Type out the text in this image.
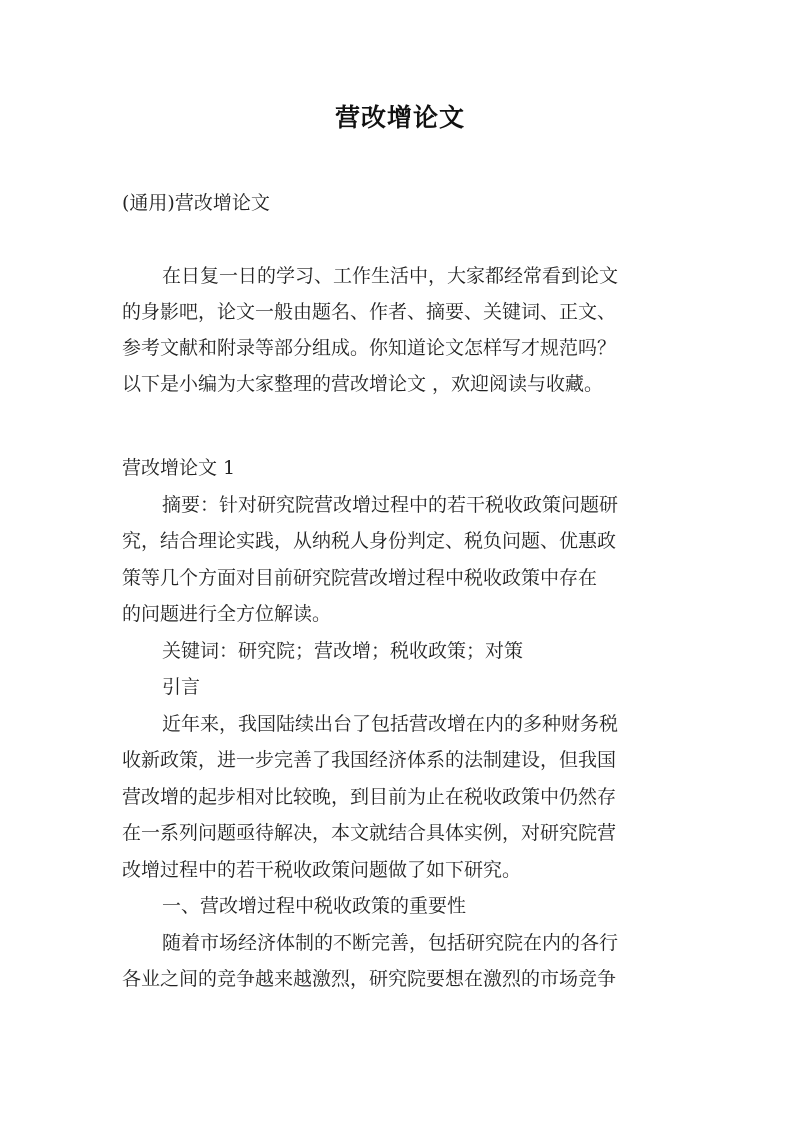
营改增论文
(通用)营改增论文
在日复一日的学习、工作生活中，大家都经常看到论文
的身影吧，论文一般由题名、作者、摘要、关键词、正文、
参考文献和附录等部分组成。你知道论文怎样写才规范吗？
以下是小编为大家整理的营改增论文 ，欢迎阅读与收藏。
营改增论文 1
摘要：针对研究院营改增过程中的若干税收政策问题研
究，结合理论实践，从纳税人身份判定、税负问题、优惠政
策等几个方面对目前研究院营改增过程中税收政策中存在
的问题进行全方位解读。
关键词：研究院；营改增；税收政策；对策
引言
近年来，我国陆续出台了包括营改增在内的多种财务税
收新政策，进一步完善了我国经济体系的法制建设，但我国
营改增的起步相对比较晚，到目前为止在税收政策中仍然存
在一系列问题亟待解决，本文就结合具体实例，对研究院营
改增过程中的若干税收政策问题做了如下研究。
一、营改增过程中税收政策的重要性
随着市场经济体制的不断完善，包括研究院在内的各行
各业之间的竞争越来越激烈，研究院要想在激烈的市场竞争
